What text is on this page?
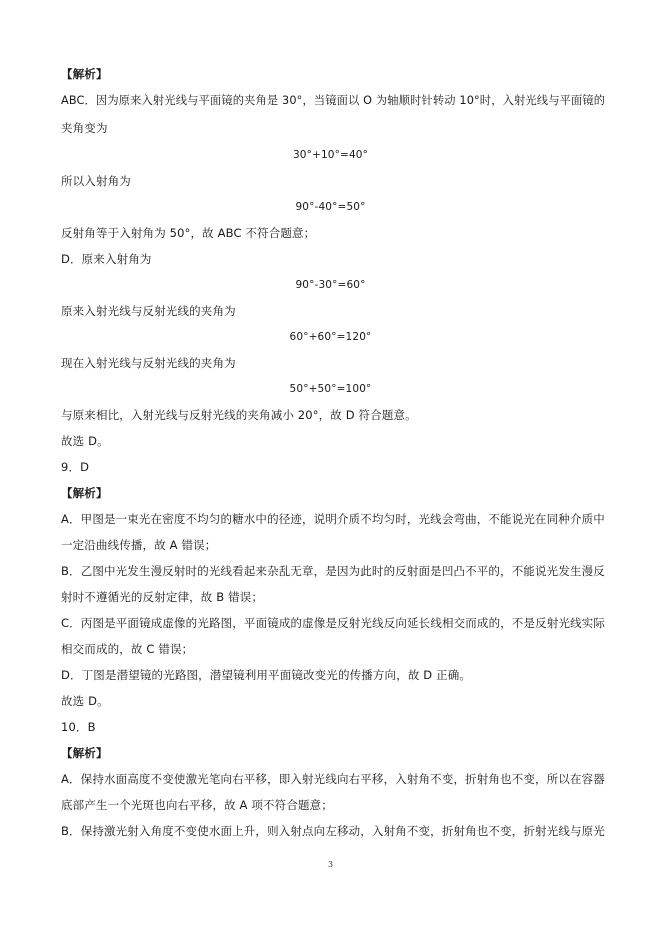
【解析】
ABC．因为原来入射光线与平面镜的夹角是 30°，当镜面以 O 为轴顺时针转动 10°时，入射光线与平面镜的
夹角变为
30°+10°=40°
所以入射角为
90°-40°=50°
反射角等于入射角为 50°，故 ABC 不符合题意；
D．原来入射角为
90°-30°=60°
原来入射光线与反射光线的夹角为
60°+60°=120°
现在入射光线与反射光线的夹角为
50°+50°=100°
与原来相比，入射光线与反射光线的夹角减小 20°，故 D 符合题意。
故选 D。
9．D
【解析】
A．甲图是一束光在密度不均匀的糖水中的径迹，说明介质不均匀时，光线会弯曲，不能说光在同种介质中
一定沿曲线传播，故 A 错误；
B．乙图中光发生漫反射时的光线看起来杂乱无章，是因为此时的反射面是凹凸不平的，不能说光发生漫反
射时不遵循光的反射定律，故 B 错误；
C．丙图是平面镜成虚像的光路图，平面镜成的虚像是反射光线反向延长线相交而成的，不是反射光线实际
相交而成的，故 C 错误；
D．丁图是潜望镜的光路图，潜望镜利用平面镜改变光的传播方向，故 D 正确。
故选 D。
10．B
【解析】
A．保持水面高度不变使激光笔向右平移，即入射光线向右平移，入射角不变，折射角也不变，所以在容器
底部产生一个光斑也向右平移，故 A 项不符合题意；
B．保持激光射入角度不变使水面上升，则入射点向左移动，入射角不变，折射角也不变，折射光线与原光
3
